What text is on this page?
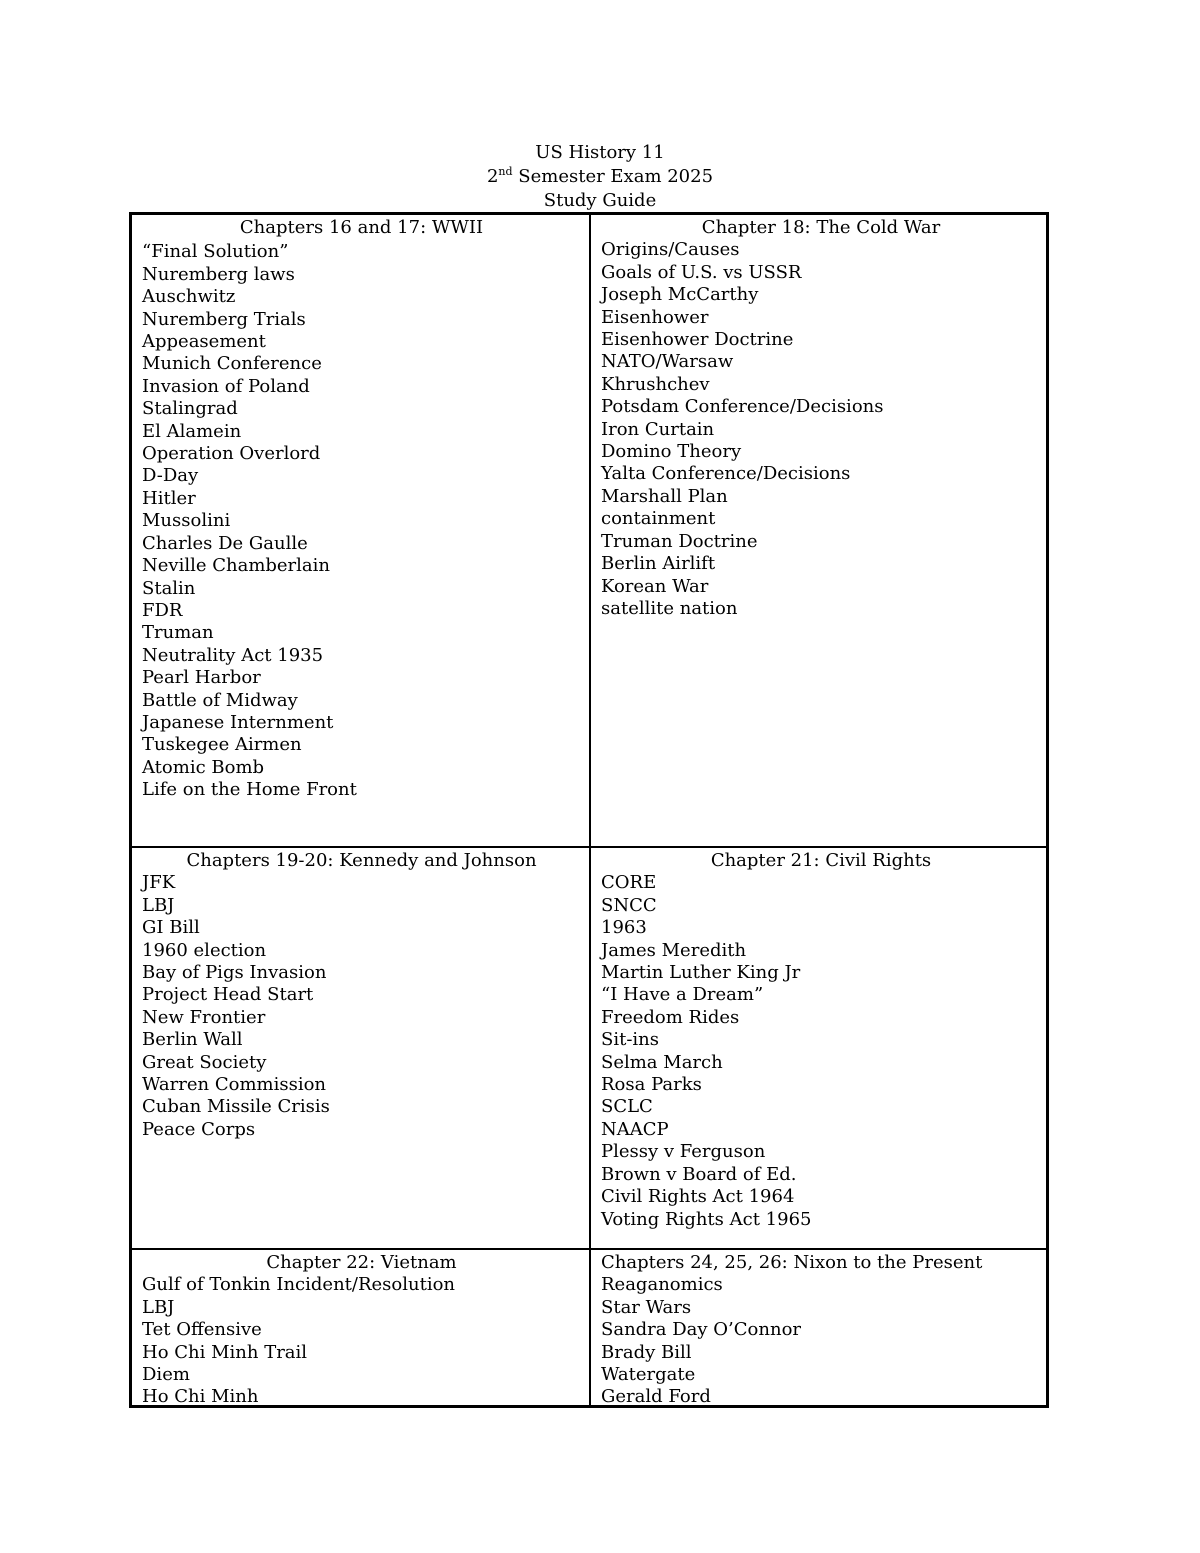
US History 11
2nd Semester Exam 2025
Study Guide
Chapters 16 and 17: WWII
“Final Solution”
Nuremberg laws
Auschwitz
Nuremberg Trials
Appeasement
Munich Conference
Invasion of Poland
Stalingrad
El Alamein
Operation Overlord
D-Day
Hitler
Mussolini
Charles De Gaulle
Neville Chamberlain
Stalin
FDR
Truman
Neutrality Act 1935
Pearl Harbor
Battle of Midway
Japanese Internment
Tuskegee Airmen
Atomic Bomb
Life on the Home Front
Chapter 18: The Cold War
Origins/Causes
Goals of U.S. vs USSR
Joseph McCarthy
Eisenhower
Eisenhower Doctrine
NATO/Warsaw
Khrushchev
Potsdam Conference/Decisions
Iron Curtain
Domino Theory
Yalta Conference/Decisions
Marshall Plan
containment
Truman Doctrine
Berlin Airlift
Korean War
satellite nation
Chapters 19-20: Kennedy and Johnson
JFK
LBJ
GI Bill
1960 election
Bay of Pigs Invasion
Project Head Start
New Frontier
Berlin Wall
Great Society
Warren Commission
Cuban Missile Crisis
Peace Corps
Chapter 21: Civil Rights
CORE
SNCC
1963
James Meredith
Martin Luther King Jr
“I Have a Dream”
Freedom Rides
Sit-ins
Selma March
Rosa Parks
SCLC
NAACP
Plessy v Ferguson
Brown v Board of Ed.
Civil Rights Act 1964
Voting Rights Act 1965
Chapter 22: Vietnam
Gulf of Tonkin Incident/Resolution
LBJ
Tet Offensive
Ho Chi Minh Trail
Diem
Ho Chi Minh
Chapters 24, 25, 26: Nixon to the Present
Reaganomics
Star Wars
Sandra Day O’Connor
Brady Bill
Watergate
Gerald Ford
